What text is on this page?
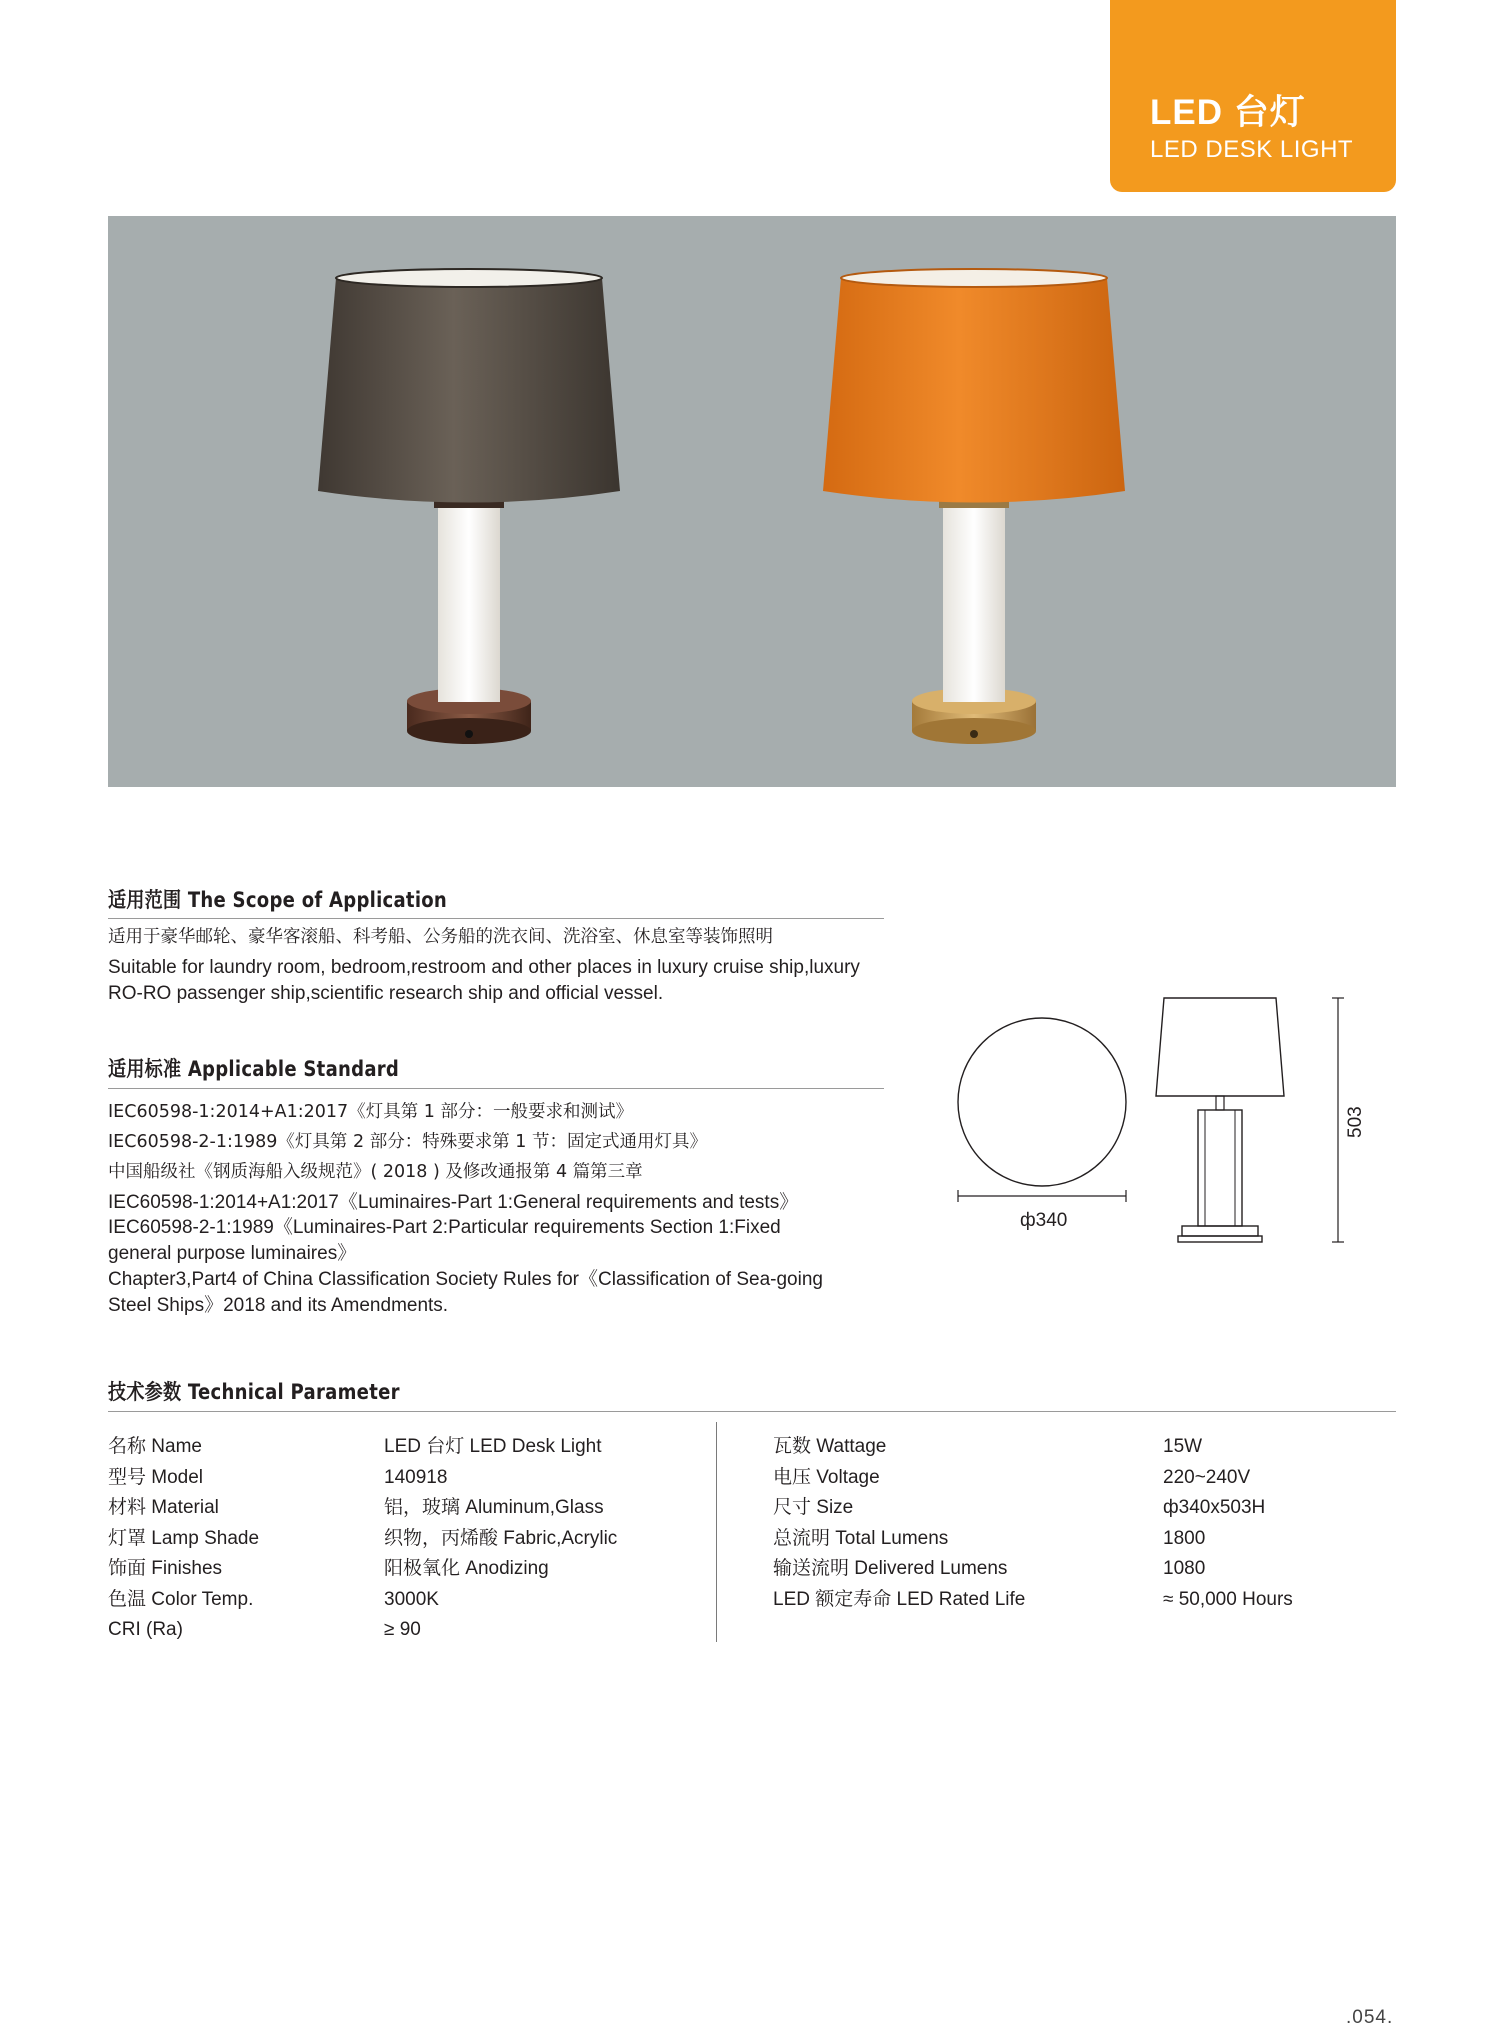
LED 台灯
LED DESK LIGHT
适用范围 The Scope of Application
适用于豪华邮轮、豪华客滚船、科考船、公务船的洗衣间、洗浴室、休息室等装饰照明
Suitable for laundry room, bedroom,restroom and other places in luxury cruise ship,luxury
RO-RO passenger ship,scientific research ship and official vessel.
适用标准 Applicable Standard
IEC60598-1:2014+A1:2017《灯具第 1 部分：一般要求和测试》
IEC60598-2-1:1989《灯具第 2 部分：特殊要求第 1 节：固定式通用灯具》
中国船级社《钢质海船入级规范》( 2018 ) 及修改通报第 4 篇第三章
IEC60598-1:2014+A1:2017《Luminaires-Part 1:General requirements and tests》
IEC60598-2-1:1989《Luminaires-Part 2:Particular requirements Section 1:Fixed
general purpose luminaires》
Chapter3,Part4 of China Classification Society Rules for《Classification of Sea-going
Steel Ships》2018 and its Amendments.
ф340
503
技术参数 Technical Parameter
名称 Name
型号 Model
材料 Material
灯罩 Lamp Shade
饰面 Finishes
色温 Color Temp.
CRI (Ra)
LED 台灯 LED Desk Light
140918
铝，玻璃 Aluminum,Glass
织物，丙烯酸 Fabric,Acrylic
阳极氧化 Anodizing
3000K
≥ 90
瓦数 Wattage
电压 Voltage
尺寸 Size
总流明 Total Lumens
输送流明 Delivered Lumens
LED 额定寿命 LED Rated Life
15W
220~240V
ф340x503H
1800
1080
≈ 50,000 Hours
.054.
